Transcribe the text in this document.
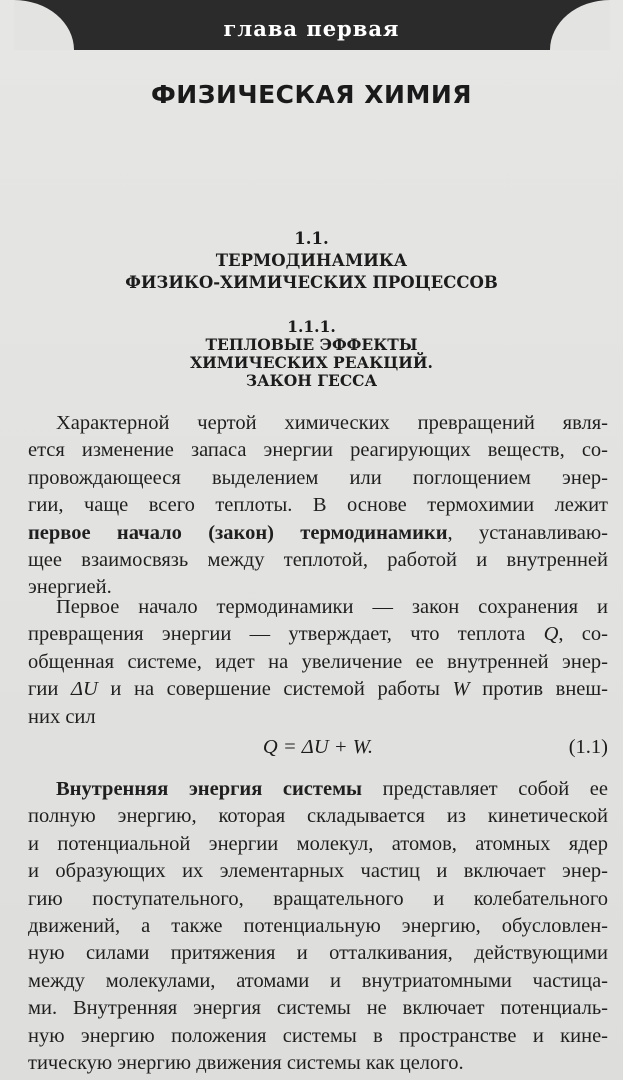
глава первая
ФИЗИЧЕСКАЯ ХИМИЯ
1.1.
ТЕРМОДИНАМИКА
ФИЗИКО-ХИМИЧЕСКИХ ПРОЦЕССОВ
1.1.1.
ТЕПЛОВЫЕ ЭФФЕКТЫ
ХИМИЧЕСКИХ РЕАКЦИЙ.
ЗАКОН ГЕССА
Характерной чертой химических превращений явля-
ется изменение запаса энергии реагирующих веществ, со-
провождающееся выделением или поглощением энер-
гии, чаще всего теплоты. В основе термохимии лежит
первое начало (закон) термодинамики, устанавливаю-
щее взаимосвязь между теплотой, работой и внутренней
энергией.
Первое начало термодинамики — закон сохранения и
превращения энергии — утверждает, что теплота Q, со-
общенная системе, идет на увеличение ее внутренней энер-
гии ΔU и на совершение системой работы W против внеш-
них сил
Q = ΔU + W.	(1.1)
Внутренняя энергия системы представляет собой ее
полную энергию, которая складывается из кинетической
и потенциальной энергии молекул, атомов, атомных ядер
и образующих их элементарных частиц и включает энер-
гию поступательного, вращательного и колебательного
движений, а также потенциальную энергию, обусловлен-
ную силами притяжения и отталкивания, действующими
между молекулами, атомами и внутриатомными частица-
ми. Внутренняя энергия системы не включает потенциаль-
ную энергию положения системы в пространстве и кине-
тическую энергию движения системы как целого.
